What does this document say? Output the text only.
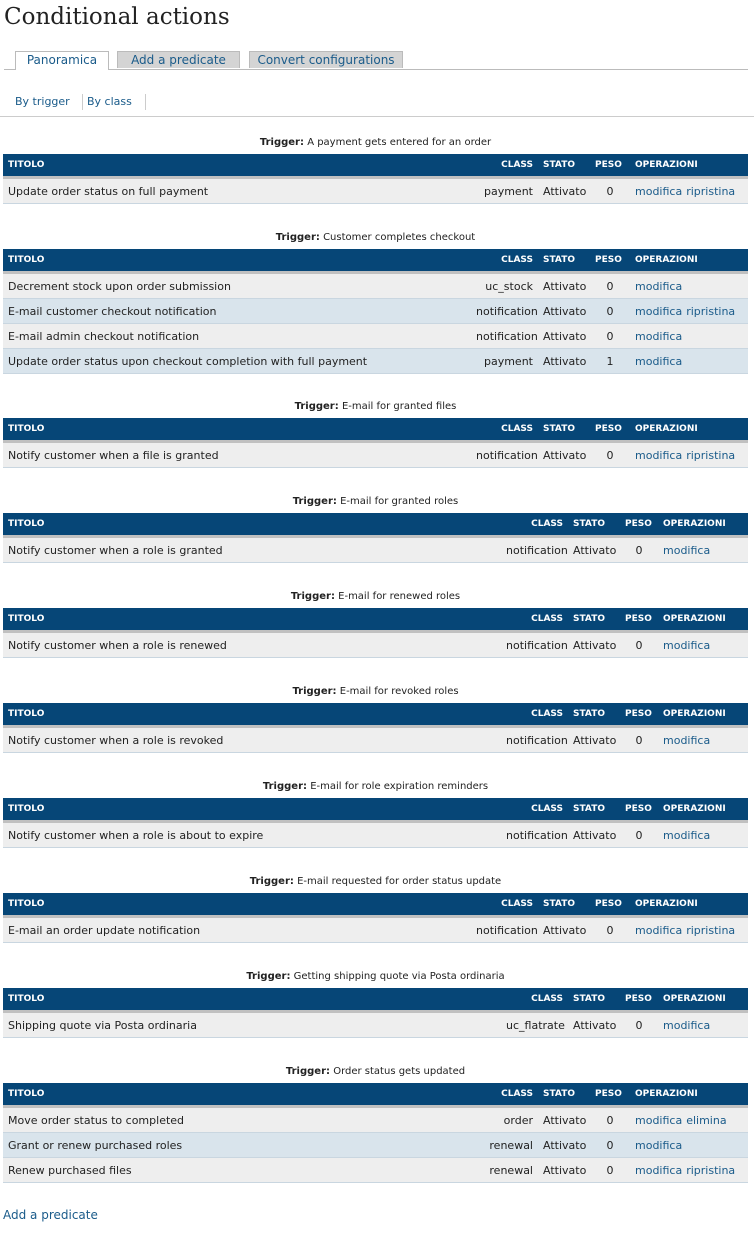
Conditional actions
Panoramica	Add a predicate	Convert configurations
By trigger By class
Trigger: A payment gets entered for an order
TITOLO	CLASS	STATO	PESO	OPERAZIONI
Update order status on full payment	payment	Attivato	0	modifica ripristina
Trigger: Customer completes checkout
TITOLO	CLASS	STATO	PESO	OPERAZIONI
Decrement stock upon order submission	uc_stock	Attivato	0	modifica
E-mail customer checkout notification	notification	Attivato	0	modifica ripristina
E-mail admin checkout notification	notification	Attivato	0	modifica
Update order status upon checkout completion with full payment	payment	Attivato	1	modifica
Trigger: E-mail for granted files
TITOLO	CLASS	STATO	PESO	OPERAZIONI
Notify customer when a file is granted	notification	Attivato	0	modifica ripristina
Trigger: E-mail for granted roles
TITOLO	CLASS	STATO	PESO	OPERAZIONI
Notify customer when a role is granted	notification	Attivato	0	modifica
Trigger: E-mail for renewed roles
TITOLO	CLASS	STATO	PESO	OPERAZIONI
Notify customer when a role is renewed	notification	Attivato	0	modifica
Trigger: E-mail for revoked roles
TITOLO	CLASS	STATO	PESO	OPERAZIONI
Notify customer when a role is revoked	notification	Attivato	0	modifica
Trigger: E-mail for role expiration reminders
TITOLO	CLASS	STATO	PESO	OPERAZIONI
Notify customer when a role is about to expire	notification	Attivato	0	modifica
Trigger: E-mail requested for order status update
TITOLO	CLASS	STATO	PESO	OPERAZIONI
E-mail an order update notification	notification	Attivato	0	modifica ripristina
Trigger: Getting shipping quote via Posta ordinaria
TITOLO	CLASS	STATO	PESO	OPERAZIONI
Shipping quote via Posta ordinaria	uc_flatrate	Attivato	0	modifica
Trigger: Order status gets updated
TITOLO	CLASS	STATO	PESO	OPERAZIONI
Move order status to completed	order	Attivato	0	modifica elimina
Grant or renew purchased roles	renewal	Attivato	0	modifica
Renew purchased files	renewal	Attivato	0	modifica ripristina
Add a predicate
